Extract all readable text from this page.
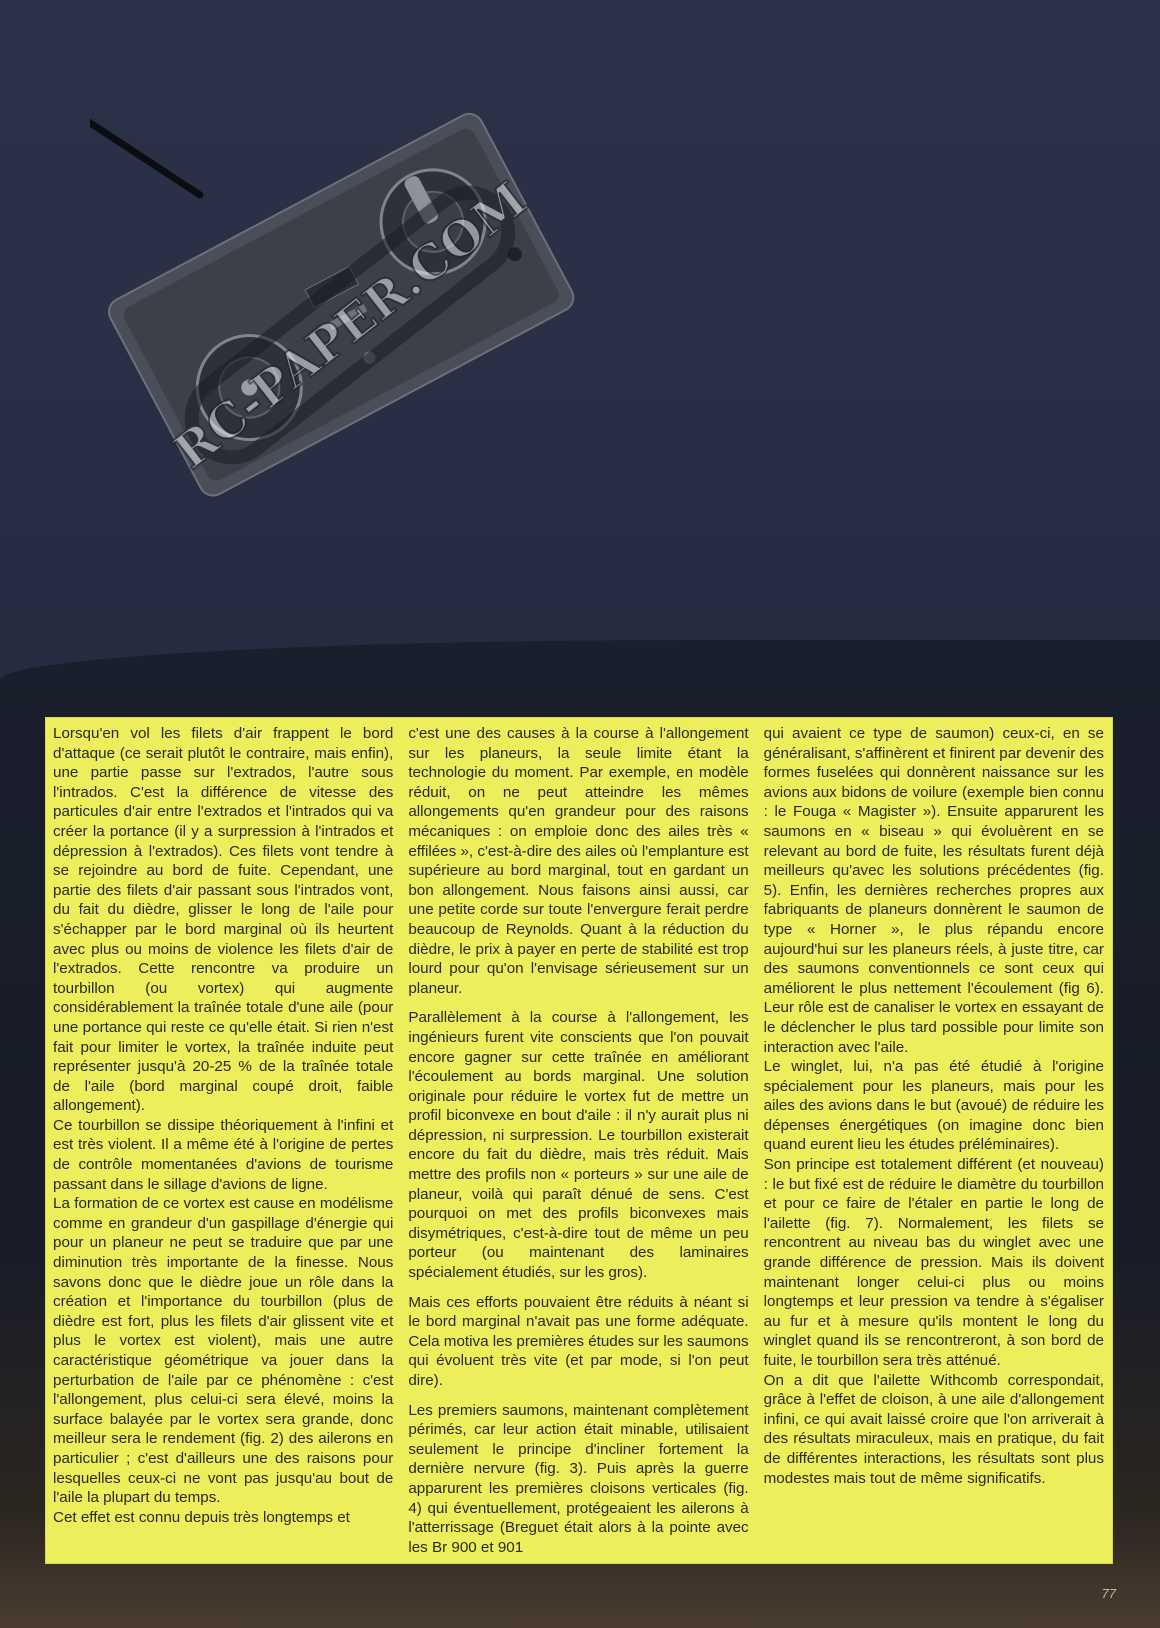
RC-PAPER.COM

Lorsqu'en vol les filets d'air frappent le bord d'attaque (ce serait plutôt le contraire, mais enfin), une partie passe sur l'extrados, l'autre sous l'intrados. C'est la différence de vitesse des particules d'air entre l'extrados et l'intrados qui va créer la portance (il y a surpression à l'intrados et dépression à l'extrados). Ces filets vont tendre à se rejoindre au bord de fuite. Cependant, une partie des filets d'air passant sous l'intrados vont, du fait du dièdre, glisser le long de l'aile pour s'échapper par le bord marginal où ils heurtent avec plus ou moins de violence les filets d'air de l'extrados. Cette rencontre va produire un tourbillon (ou vortex) qui augmente considérablement la traînée totale d'une aile (pour une portance qui reste ce qu'elle était. Si rien n'est fait pour limiter le vortex, la traînée induite peut représenter jusqu'à 20-25 % de la traînée totale de l'aile (bord marginal coupé droit, faible allongement).

Ce tourbillon se dissipe théoriquement à l'infini et est très violent. Il a même été à l'origine de pertes de contrôle momentanées d'avions de tourisme passant dans le sillage d'avions de ligne.

La formation de ce vortex est cause en modélisme comme en grandeur d'un gaspillage d'énergie qui pour un planeur ne peut se traduire que par une diminution très importante de la finesse. Nous savons donc que le dièdre joue un rôle dans la création et l'importance du tourbillon (plus de dièdre est fort, plus les filets d'air glissent vite et plus le vortex est violent), mais une autre caractéristique géométrique va jouer dans la perturbation de l'aile par ce phénomène : c'est l'allongement, plus celui-ci sera élevé, moins la surface balayée par le vortex sera grande, donc meilleur sera le rendement (fig. 2) des ailerons en particulier ; c'est d'ailleurs une des raisons pour lesquelles ceux-ci ne vont pas jusqu'au bout de l'aile la plupart du temps.

Cet effet est connu depuis très longtemps et

c'est une des causes à la course à l'allongement sur les planeurs, la seule limite étant la technologie du moment. Par exemple, en modèle réduit, on ne peut atteindre les mêmes allongements qu'en grandeur pour des raisons mécaniques : on emploie donc des ailes très « effilées », c'est-à-dire des ailes où l'emplanture est supérieure au bord marginal, tout en gardant un bon allongement. Nous faisons ainsi aussi, car une petite corde sur toute l'envergure ferait perdre beaucoup de Reynolds. Quant à la réduction du dièdre, le prix à payer en perte de stabilité est trop lourd pour qu'on l'envisage sérieusement sur un planeur.

Parallèlement à la course à l'allongement, les ingénieurs furent vite conscients que l'on pouvait encore gagner sur cette traînée en améliorant l'écoulement au bords marginal. Une solution originale pour réduire le vortex fut de mettre un profil biconvexe en bout d'aile : il n'y aurait plus ni dépression, ni surpression. Le tourbillon existerait encore du fait du dièdre, mais très réduit. Mais mettre des profils non « porteurs » sur une aile de planeur, voilà qui paraît dénué de sens. C'est pourquoi on met des profils biconvexes mais disymétriques, c'est-à-dire tout de même un peu porteur (ou maintenant des laminaires spécialement étudiés, sur les gros).

Mais ces efforts pouvaient être réduits à néant si le bord marginal n'avait pas une forme adéquate. Cela motiva les premières études sur les saumons qui évoluent très vite (et par mode, si l'on peut dire).

Les premiers saumons, maintenant complètement périmés, car leur action était minable, utilisaient seulement le principe d'incliner fortement la dernière nervure (fig. 3). Puis après la guerre apparurent les premières cloisons verticales (fig. 4) qui éventuellement, protégeaient les ailerons à l'atterrissage (Breguet était alors à la pointe avec les Br 900 et 901

qui avaient ce type de saumon) ceux-ci, en se généralisant, s'affinèrent et finirent par devenir des formes fuselées qui donnèrent naissance sur les avions aux bidons de voilure (exemple bien connu : le Fouga « Magister »). Ensuite apparurent les saumons en « biseau » qui évoluèrent en se relevant au bord de fuite, les résultats furent déjà meilleurs qu'avec les solutions précédentes (fig. 5). Enfin, les dernières recherches propres aux fabriquants de planeurs donnèrent le saumon de type « Horner », le plus répandu encore aujourd'hui sur les planeurs réels, à juste titre, car des saumons conventionnels ce sont ceux qui améliorent le plus nettement l'écoulement (fig 6). Leur rôle est de canaliser le vortex en essayant de le déclencher le plus tard possible pour limite son interaction avec l'aile.

Le winglet, lui, n'a pas été étudié à l'origine spécialement pour les planeurs, mais pour les ailes des avions dans le but (avoué) de réduire les dépenses énergétiques (on imagine donc bien quand eurent lieu les études préléminaires).

Son principe est totalement différent (et nouveau) : le but fixé est de réduire le diamètre du tourbillon et pour ce faire de l'étaler en partie le long de l'ailette (fig. 7). Normalement, les filets se rencontrent au niveau bas du winglet avec une grande différence de pression. Mais ils doivent maintenant longer celui-ci plus ou moins longtemps et leur pression va tendre à s'égaliser au fur et à mesure qu'ils montent le long du winglet quand ils se rencontreront, à son bord de fuite, le tourbillon sera très atténué.

On a dit que l'ailette Withcomb correspondait, grâce à l'effet de cloison, à une aile d'allongement infini, ce qui avait laissé croire que l'on arriverait à des résultats miraculeux, mais en pratique, du fait de différentes interactions, les résultats sont plus modestes mais tout de même significatifs.

77
